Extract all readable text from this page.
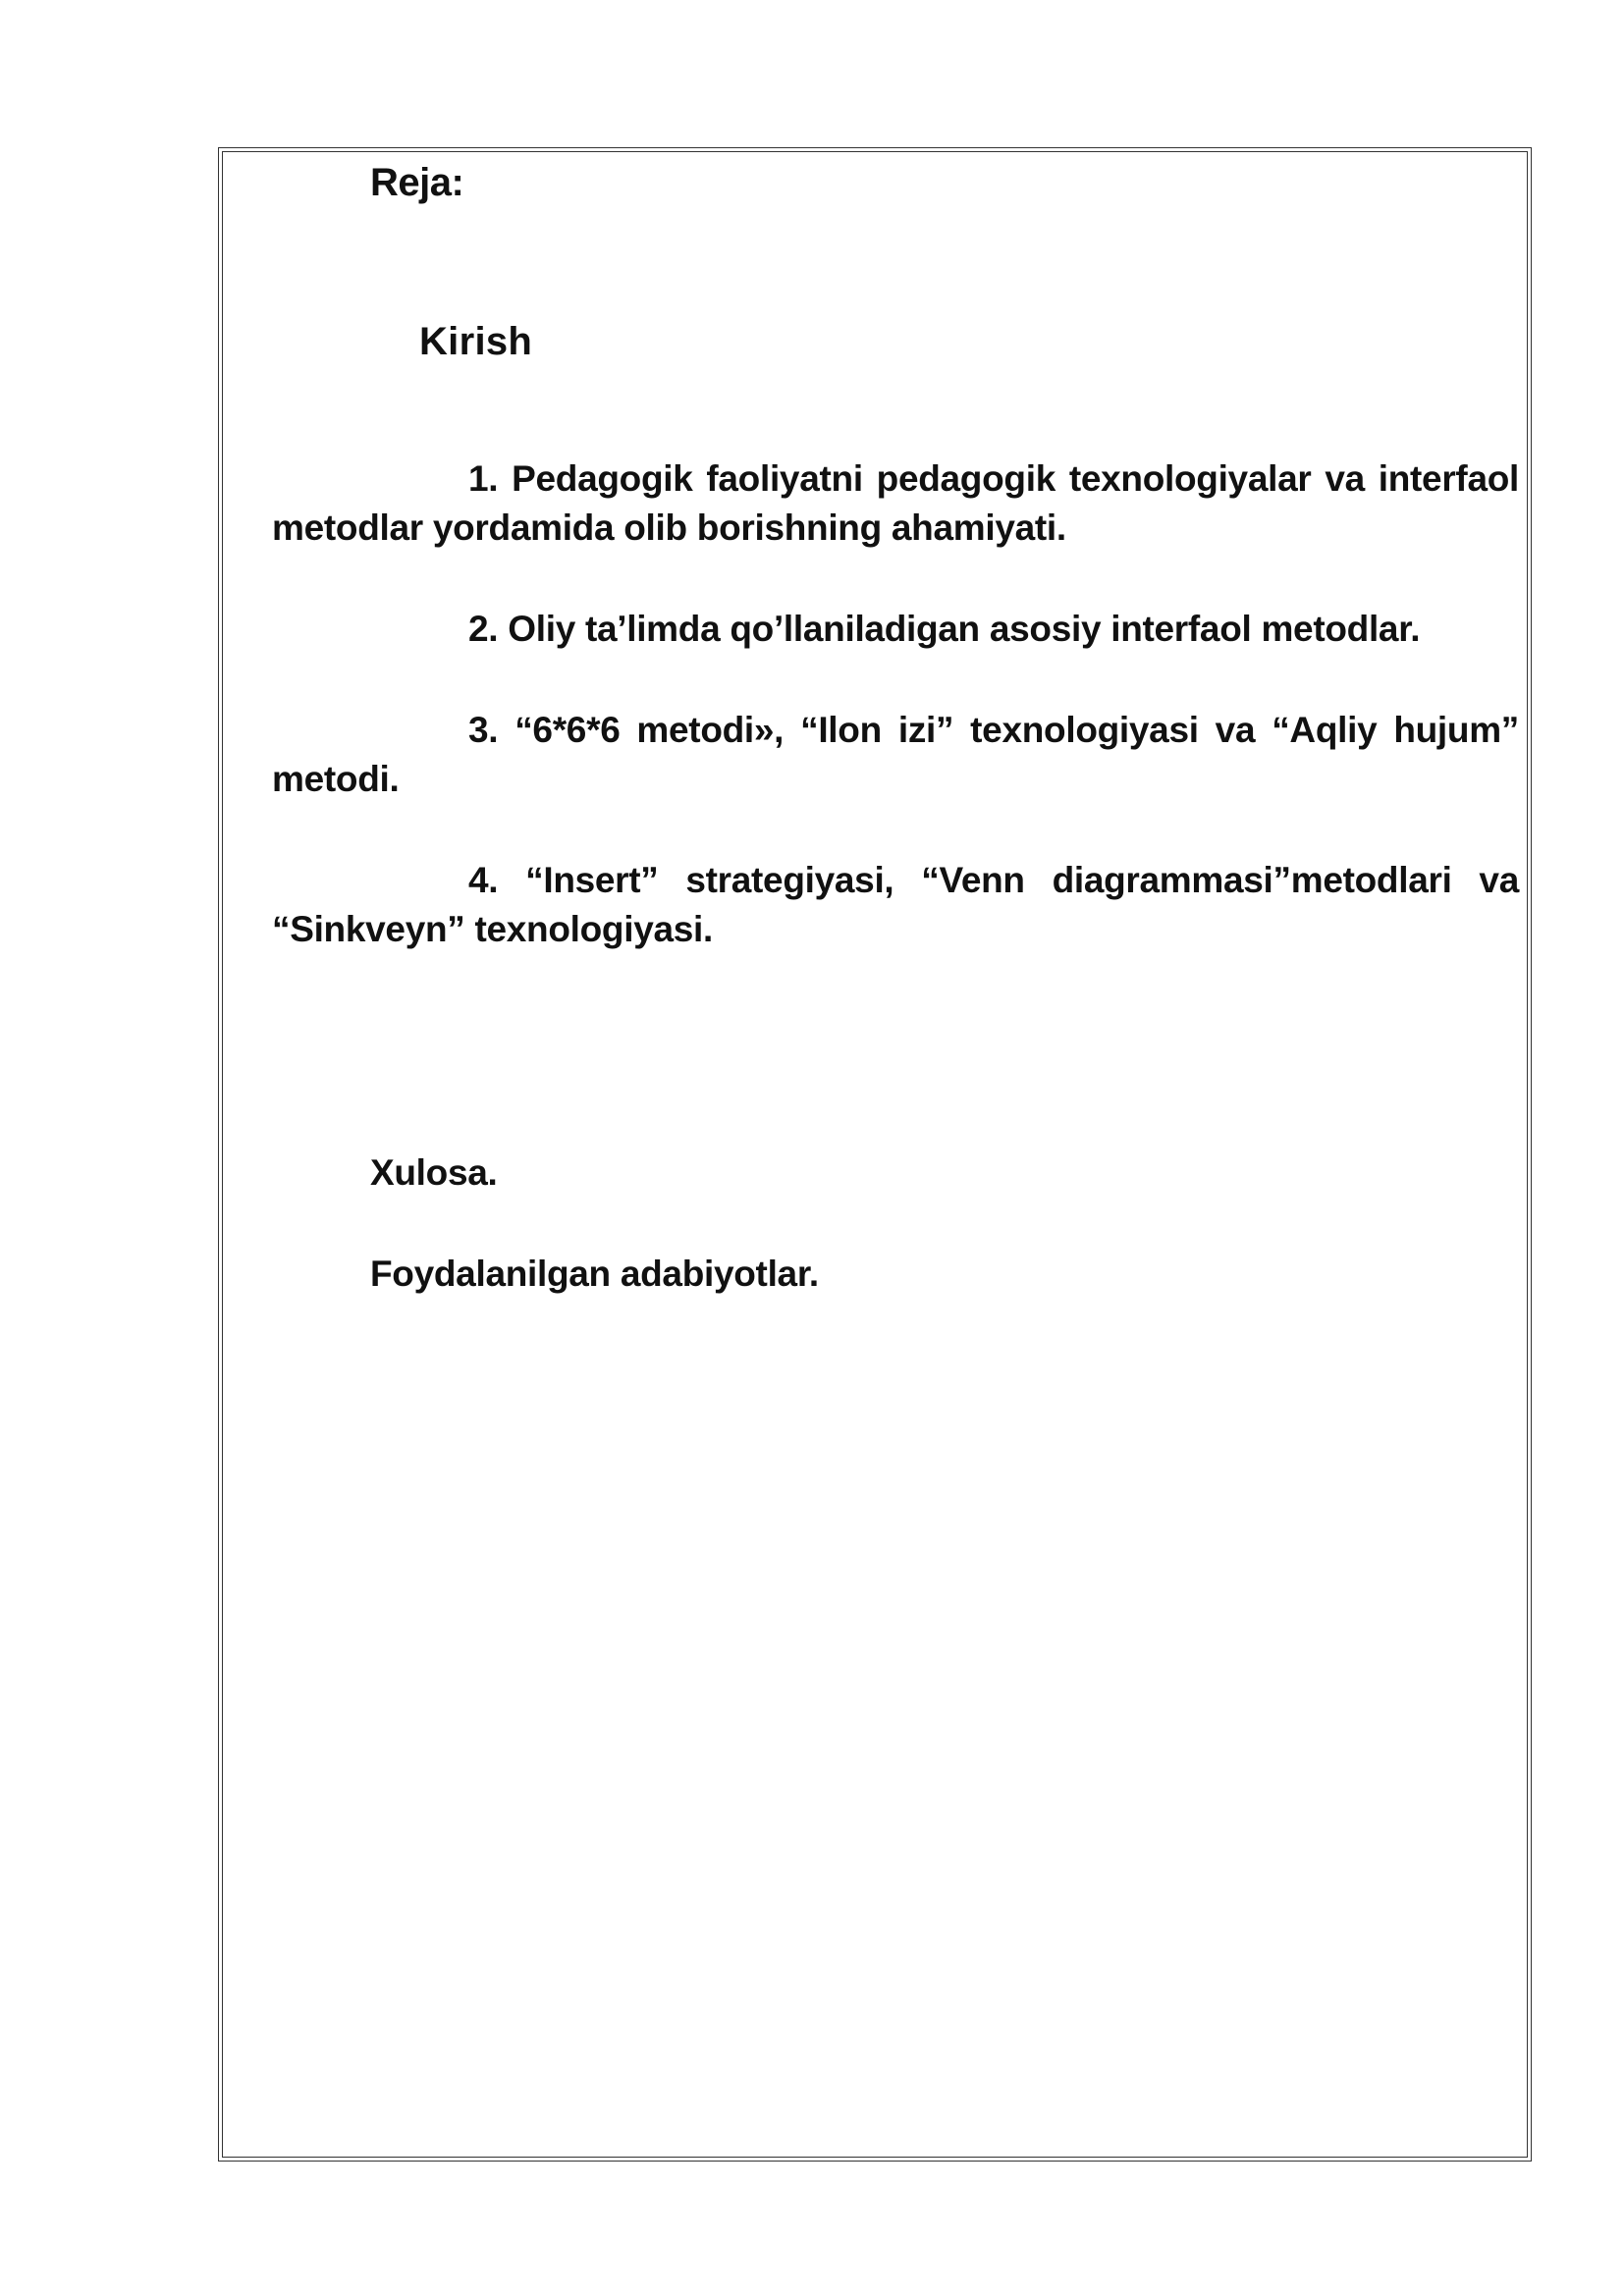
Reja:
Kirish
1. Pedagogik faoliyatni pedagogik texnologiyalar va interfaol metodlar yordamida olib borishning ahamiyati.
2. Oliy ta’limda qo’llaniladigan asosiy interfaol metodlar.
3. “6*6*6 metodi», “Ilon izi” texnologiyasi va “Aqliy hujum” metodi.
4. “Insert” strategiyasi, “Venn diagrammasi”metodlari va “Sinkveyn” texnologiyasi.
Xulosa.
Foydalanilgan adabiyotlar.
